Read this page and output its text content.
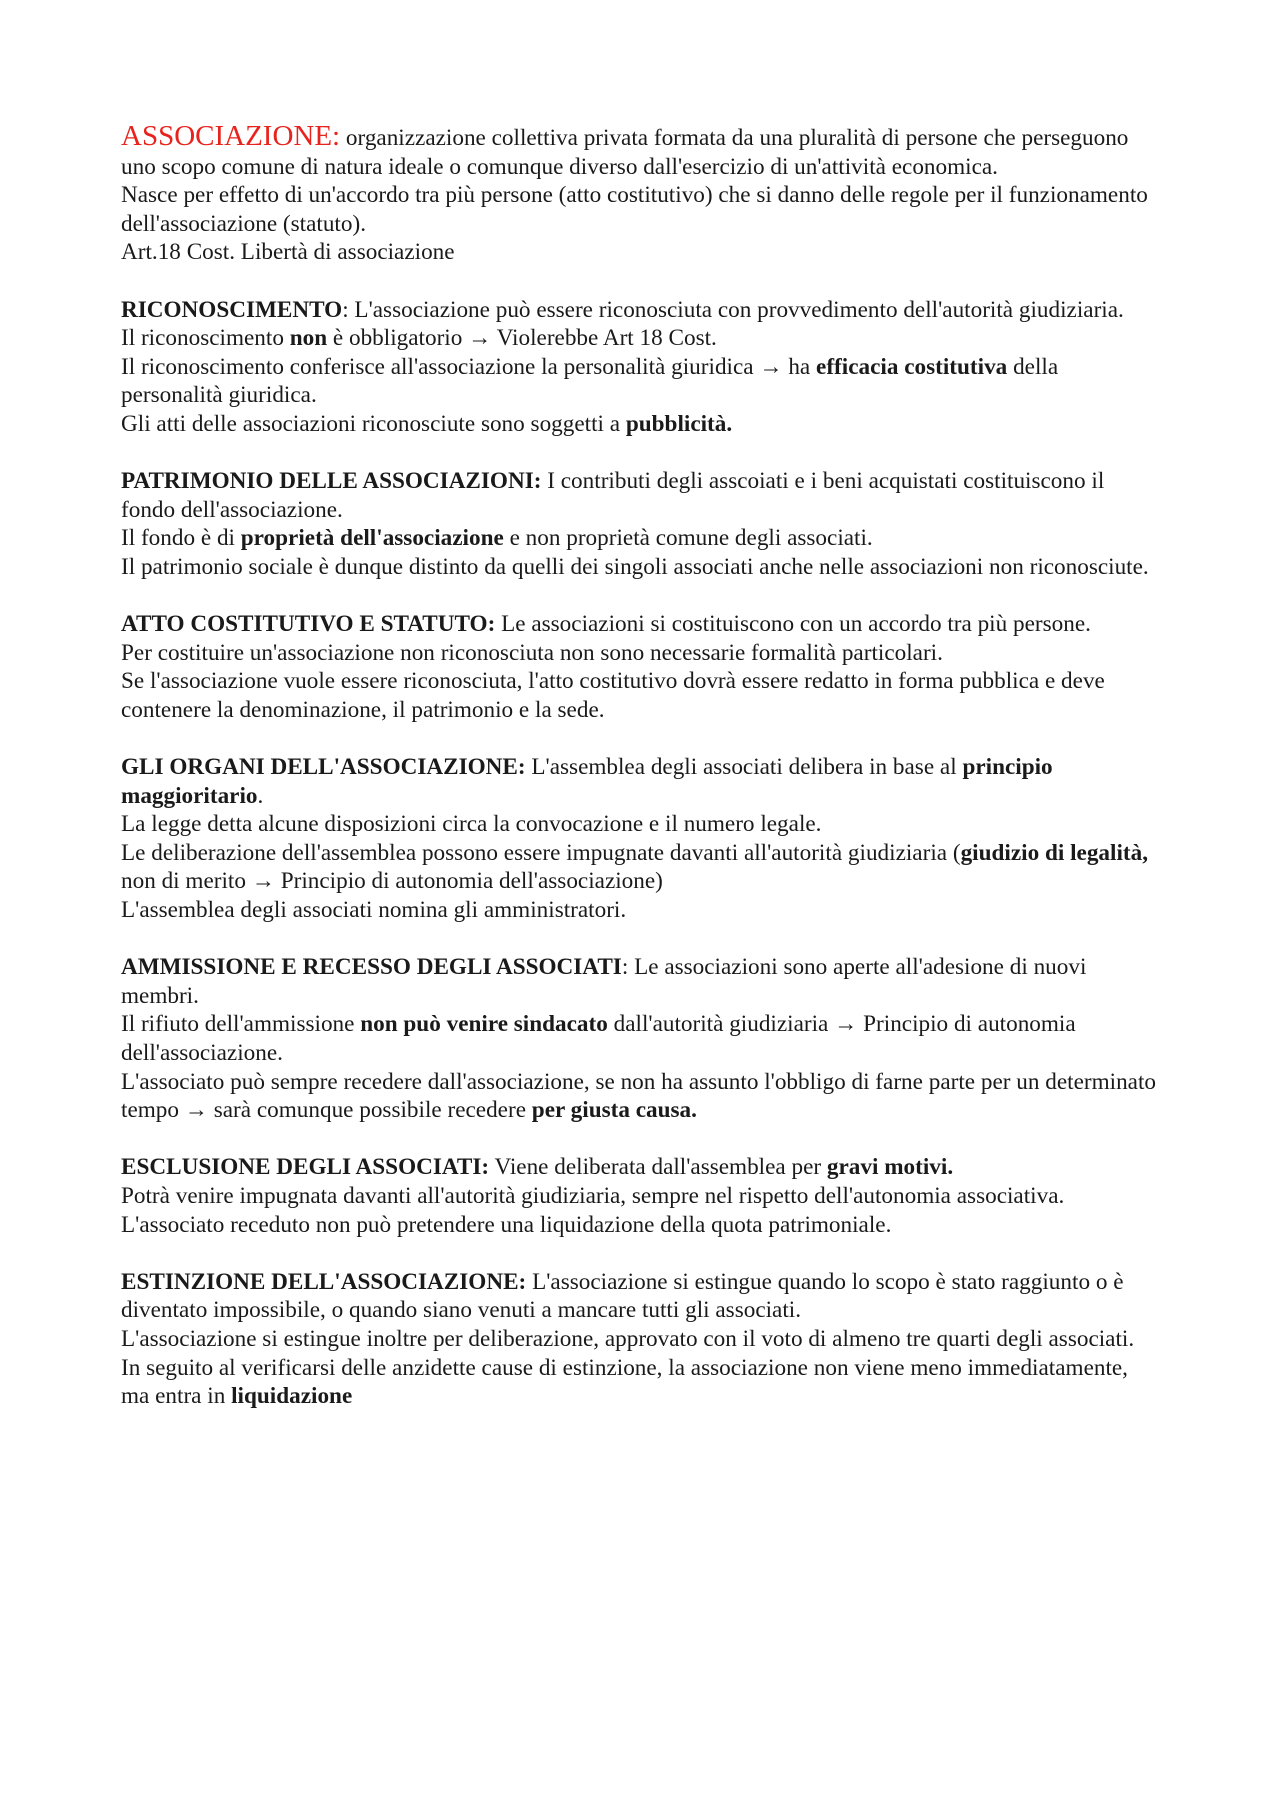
ASSOCIAZIONE: organizzazione collettiva privata formata da una pluralità di persone che perseguono uno scopo comune di natura ideale o comunque diverso dall'esercizio di un'attività economica.
Nasce per effetto di un'accordo tra più persone (atto costitutivo) che si danno delle regole per il funzionamento dell'associazione (statuto).
Art.18 Cost. Libertà di associazione
RICONOSCIMENTO: L'associazione può essere riconosciuta con provvedimento dell'autorità giudiziaria.
Il riconoscimento non è obbligatorio → Violerebbe Art 18 Cost.
Il riconoscimento conferisce all'associazione la personalità giuridica → ha efficacia costitutiva della personalità giuridica.
Gli atti delle associazioni riconosciute sono soggetti a pubblicità.
PATRIMONIO DELLE ASSOCIAZIONI: I contributi degli asscoiati e i beni acquistati costituiscono il fondo dell'associazione.
Il fondo è di proprietà dell'associazione e non proprietà comune degli associati.
Il patrimonio sociale è dunque distinto da quelli dei singoli associati anche nelle associazioni non riconosciute.
ATTO COSTITUTIVO E STATUTO: Le associazioni si costituiscono con un accordo tra più persone.
Per costituire un'associazione non riconosciuta non sono necessarie formalità particolari.
Se l'associazione vuole essere riconosciuta, l'atto costitutivo dovrà essere redatto in forma pubblica e deve contenere la denominazione, il patrimonio e la sede.
GLI ORGANI DELL'ASSOCIAZIONE: L'assemblea degli associati delibera in base al principio maggioritario.
La legge detta alcune disposizioni circa la convocazione e il numero legale.
Le deliberazione dell'assemblea possono essere impugnate davanti all'autorità giudiziaria (giudizio di legalità, non di merito → Principio di autonomia dell'associazione)
L'assemblea degli associati nomina gli amministratori.
AMMISSIONE E RECESSO DEGLI ASSOCIATI: Le associazioni sono aperte all'adesione di nuovi membri.
Il rifiuto dell'ammissione non può venire sindacato dall'autorità giudiziaria → Principio di autonomia dell'associazione.
L'associato può sempre recedere dall'associazione, se non ha assunto l'obbligo di farne parte per un determinato tempo → sarà comunque possibile recedere per giusta causa.
ESCLUSIONE DEGLI ASSOCIATI: Viene deliberata dall'assemblea per gravi motivi.
Potrà venire impugnata davanti all'autorità giudiziaria, sempre nel rispetto dell'autonomia associativa.
L'associato receduto non può pretendere una liquidazione della quota patrimoniale.
ESTINZIONE DELL'ASSOCIAZIONE: L'associazione si estingue quando lo scopo è stato raggiunto o è diventato impossibile, o quando siano venuti a mancare tutti gli associati.
L'associazione si estingue inoltre per deliberazione, approvato con il voto di almeno tre quarti degli associati.
In seguito al verificarsi delle anzidette cause di estinzione, la associazione non viene meno immediatamente, ma entra in liquidazione
